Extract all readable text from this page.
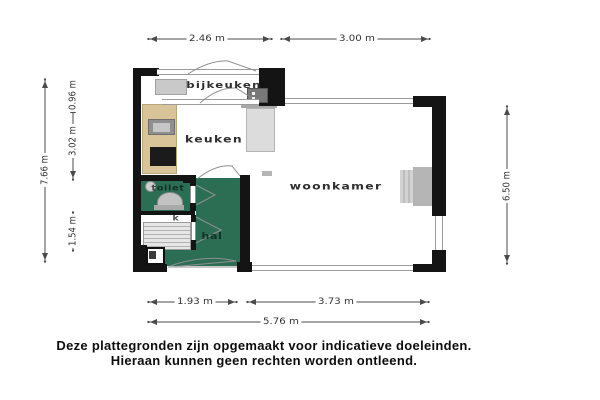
bijkeuken
keuken
woonkamer
toilet
k
hal
2.46 m	3.00 m
7.66 m
0.96 m
3.02 m
1.54 m
6.50 m
1.93 m	3.73 m
5.76 m
Deze plattegronden zijn opgemaakt voor indicatieve doeleinden.
Hieraan kunnen geen rechten worden ontleend.
